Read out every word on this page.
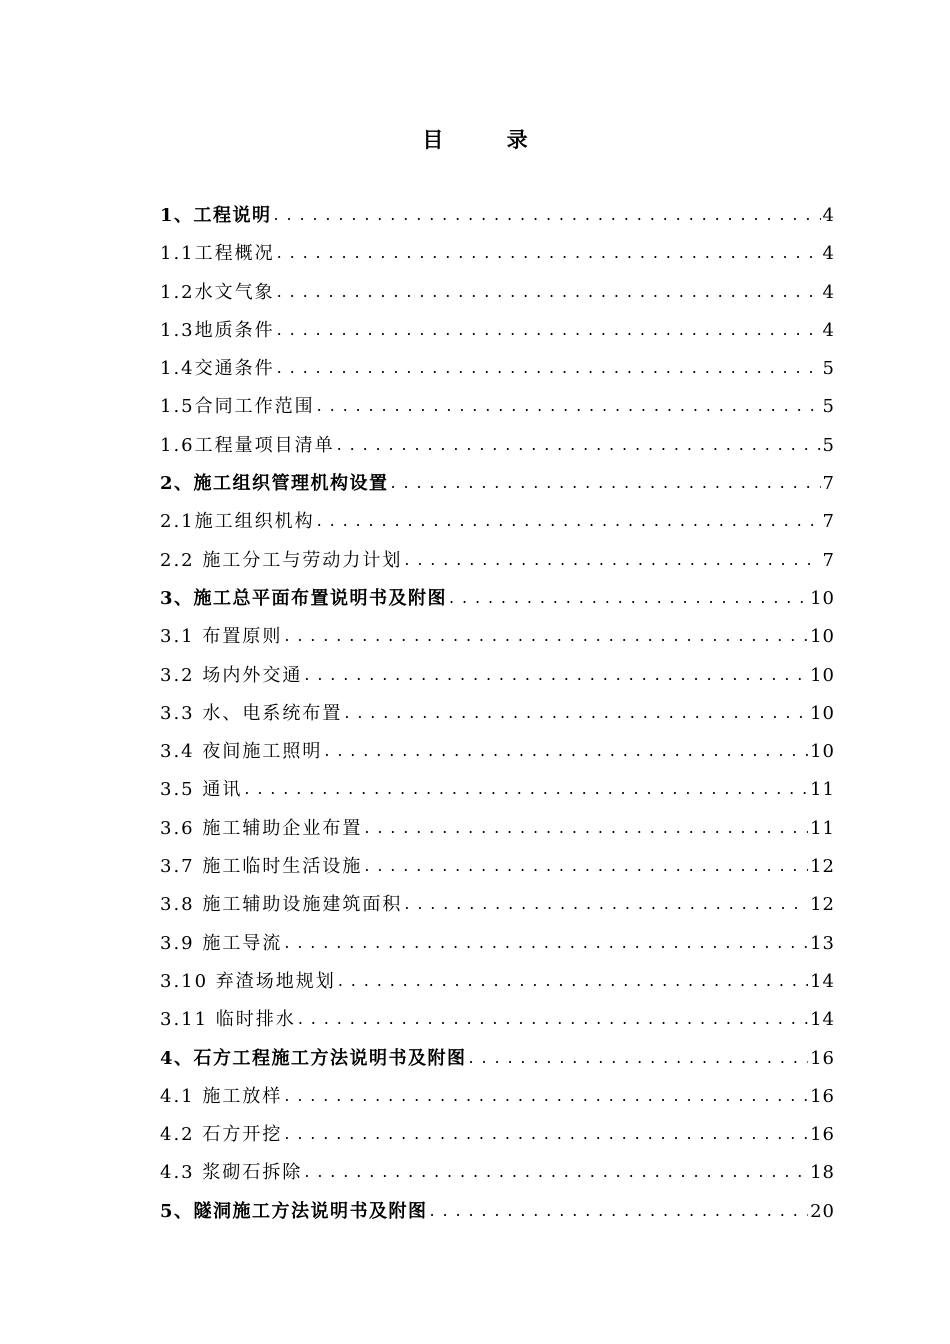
目 录
1、工程说明 . . .	4
1.1工程概况 . . .	4
1.2水文气象 . . .	4
1.3地质条件 . . .	4
1.4交通条件 . . .	5
1.5合同工作范围 . . .	5
1.6工程量项目清单 . . .	5
2、施工组织管理机构设置 . . .	7
2.1施工组织机构 . . .	7
2.2 施工分工与劳动力计划 . . .	7
3、施工总平面布置说明书及附图 . . .	10
3.1 布置原则 . . .	10
3.2 场内外交通 . . .	10
3.3 水、电系统布置 . . .	10
3.4 夜间施工照明 . . .	10
3.5 通讯 . . .	11
3.6 施工辅助企业布置 . . .	11
3.7 施工临时生活设施 . . .	12
3.8 施工辅助设施建筑面积 . . .	12
3.9 施工导流 . . .	13
3.10 弃渣场地规划 . . .	14
3.11 临时排水 . . .	14
4、石方工程施工方法说明书及附图 . . .	16
4.1 施工放样 . . .	16
4.2 石方开挖 . . .	16
4.3 浆砌石拆除 . . .	18
5、隧洞施工方法说明书及附图 . . .	20
